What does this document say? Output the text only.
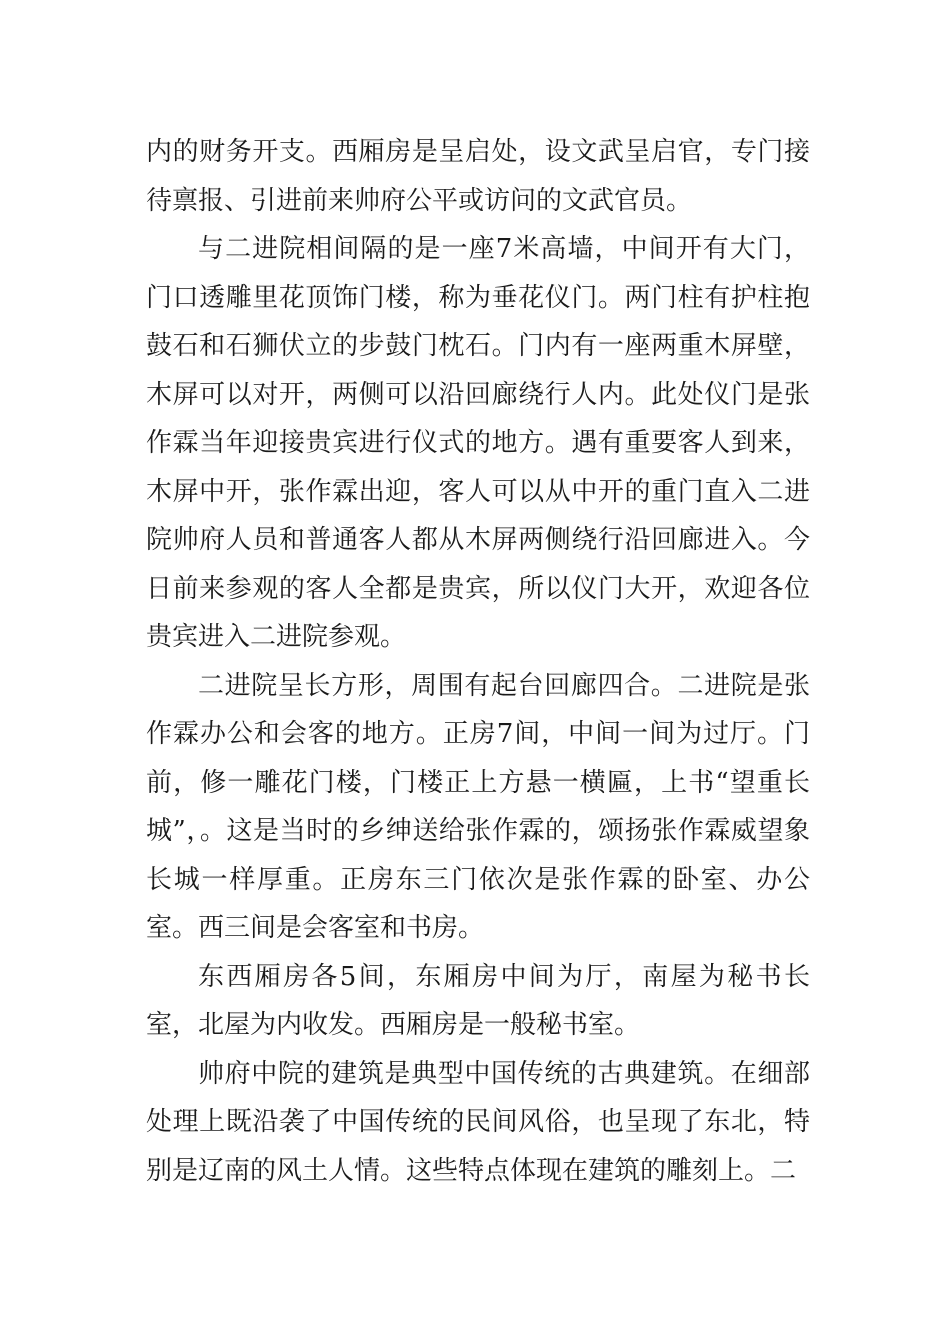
内的财务开支。西厢房是呈启处，设文武呈启官，专门接待禀报、引进前来帅府公平或访问的文武官员。

与二进院相间隔的是一座7米高墙，中间开有大门，门口透雕里花顶饰门楼，称为垂花仪门。两门柱有护柱抱鼓石和石狮伏立的步鼓门枕石。门内有一座两重木屏壁，木屏可以对开，两侧可以沿回廊绕行人内。此处仪门是张作霖当年迎接贵宾进行仪式的地方。遇有重要客人到来，木屏中开，张作霖出迎，客人可以从中开的重门直入二进院帅府人员和普通客人都从木屏两侧绕行沿回廊进入。今日前来参观的客人全都是贵宾，所以仪门大开，欢迎各位贵宾进入二进院参观。

二进院呈长方形，周围有起台回廊四合。二进院是张作霖办公和会客的地方。正房7间，中间一间为过厅。门前，修一雕花门楼，门楼正上方悬一横匾，上书“望重长城”，。这是当时的乡绅送给张作霖的，颂扬张作霖威望象长城一样厚重。正房东三门依次是张作霖的卧室、办公室。西三间是会客室和书房。

东西厢房各5间，东厢房中间为厅，南屋为秘书长室，北屋为内收发。西厢房是一般秘书室。

帅府中院的建筑是典型中国传统的古典建筑。在细部处理上既沿袭了中国传统的民间风俗，也呈现了东北，特别是辽南的风土人情。这些特点体现在建筑的雕刻上。二
